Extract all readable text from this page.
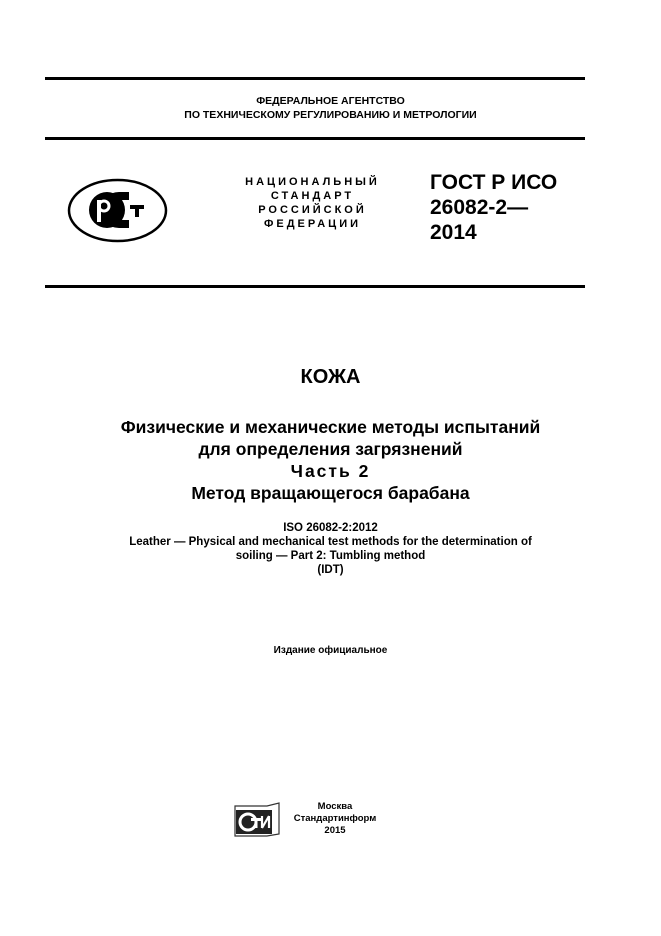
ФЕДЕРАЛЬНОЕ АГЕНТСТВО
ПО ТЕХНИЧЕСКОМУ РЕГУЛИРОВАНИЮ И МЕТРОЛОГИИ
НАЦИОНАЛЬНЫЙ
СТАНДАРТ
РОССИЙСКОЙ
ФЕДЕРАЦИИ
ГОСТ Р ИСО
26082-2—
2014
КОЖА
Физические и механические методы испытаний
для определения загрязнений
Часть 2
Метод вращающегося барабана
ISO 26082-2:2012
Leather — Physical and mechanical test methods for the determination of
soiling — Part 2: Tumbling method
(IDT)
Издание официальное
Москва
Стандартинформ
2015
